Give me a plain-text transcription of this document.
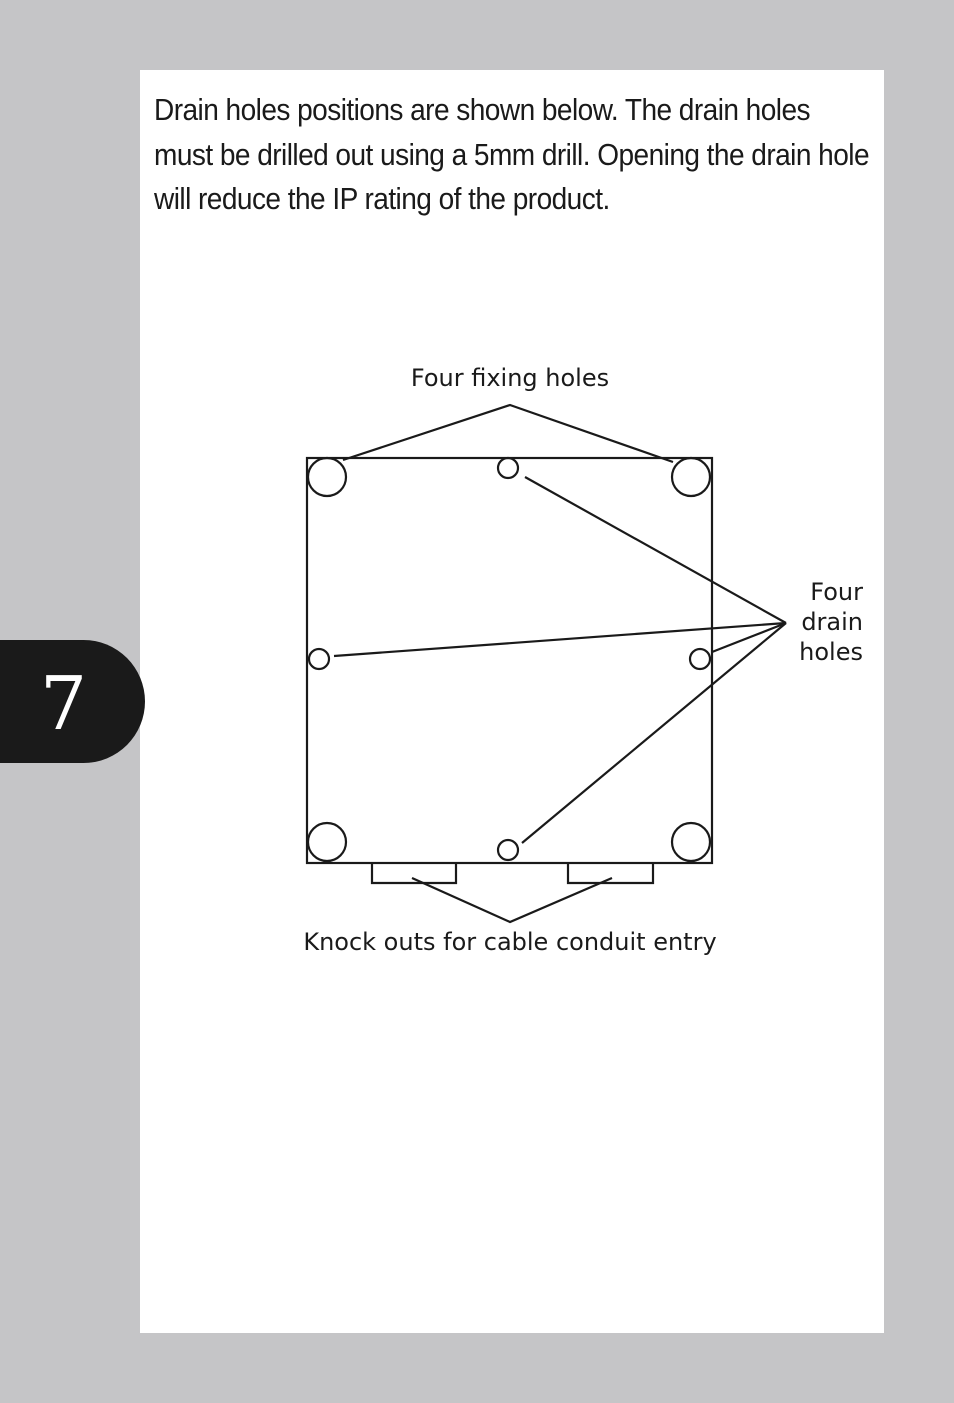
Drain holes positions are shown below. The drain holes must be drilled out using a 5mm drill. Opening the drain hole will reduce the IP rating of the product.

7
Four fixing holes
Four
drain
holes
Knock outs for cable conduit entry
